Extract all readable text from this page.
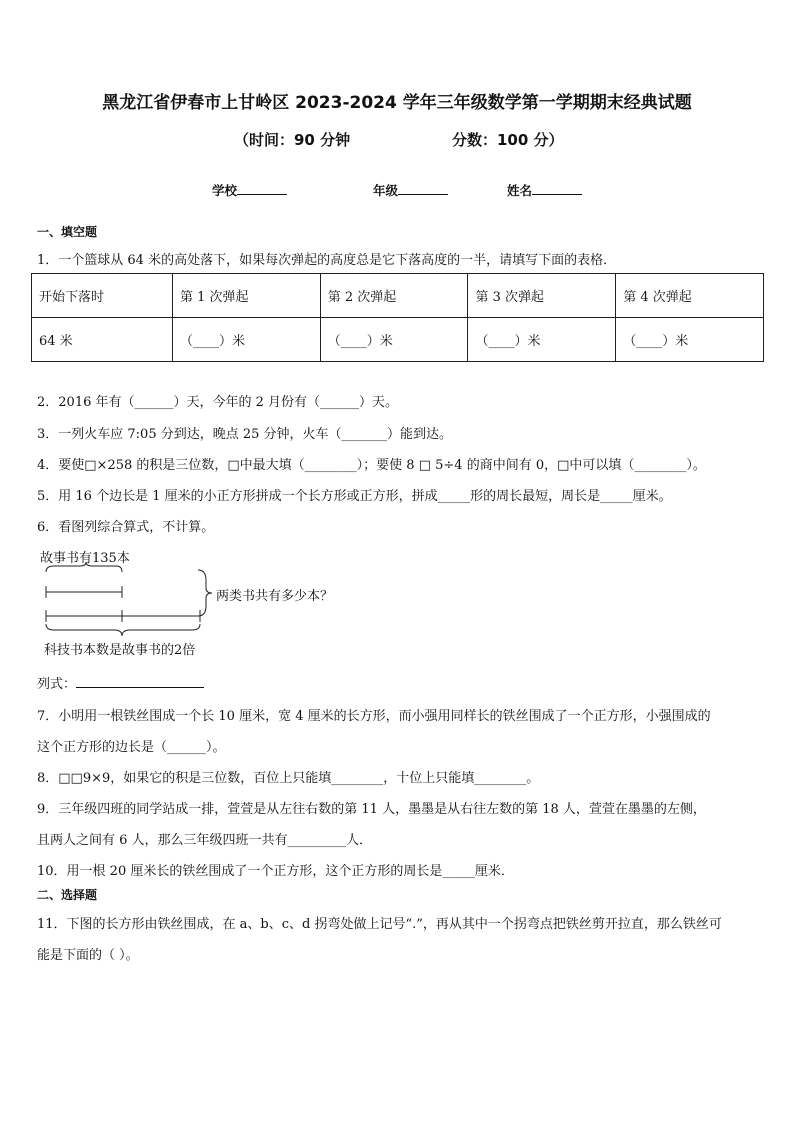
黑龙江省伊春市上甘岭区 2023-2024 学年三年级数学第一学期期末经典试题
（时间：90 分钟	分数：100 分）
学校	年级	姓名
一、填空题
1．一个篮球从 64 米的高处落下，如果每次弹起的高度总是它下落高度的一半，请填写下面的表格．
开始下落时	第 1 次弹起	第 2 次弹起	第 3 次弹起	第 4 次弹起
64 米	（____）米	（____）米	（____）米	（____）米
2．2016 年有（______）天，今年的 2 月份有（______）天。
3．一列火车应 7:05 分到达，晚点 25 分钟，火车（_______）能到达。
4．要使□×258 的积是三位数，□中最大填（________）；要使 8 □ 5÷4 的商中间有 0，□中可以填（________）。
5．用 16 个边长是 1 厘米的小正方形拼成一个长方形或正方形，拼成_____形的周长最短，周长是_____厘米。
6．看图列综合算式，不计算。
故事书有135本
两类书共有多少本？
科技书本数是故事书的2倍
列式：
7．小明用一根铁丝围成一个长 10 厘米，宽 4 厘米的长方形，而小强用同样长的铁丝围成了一个正方形，小强围成的
这个正方形的边长是（______）。
8．□□9×9，如果它的积是三位数，百位上只能填________，十位上只能填________。
9．三年级四班的同学站成一排，萱萱是从左往右数的第 11 人，墨墨是从右往左数的第 18 人，萱萱在墨墨的左侧，
且两人之间有 6 人，那么三年级四班一共有_________人．
10．用一根 20 厘米长的铁丝围成了一个正方形，这个正方形的周长是_____厘米．
二、选择题
11．下图的长方形由铁丝围成，在 a、b、c、d 拐弯处做上记号“.”，再从其中一个拐弯点把铁丝剪开拉直，那么铁丝可
能是下面的（ ）。
